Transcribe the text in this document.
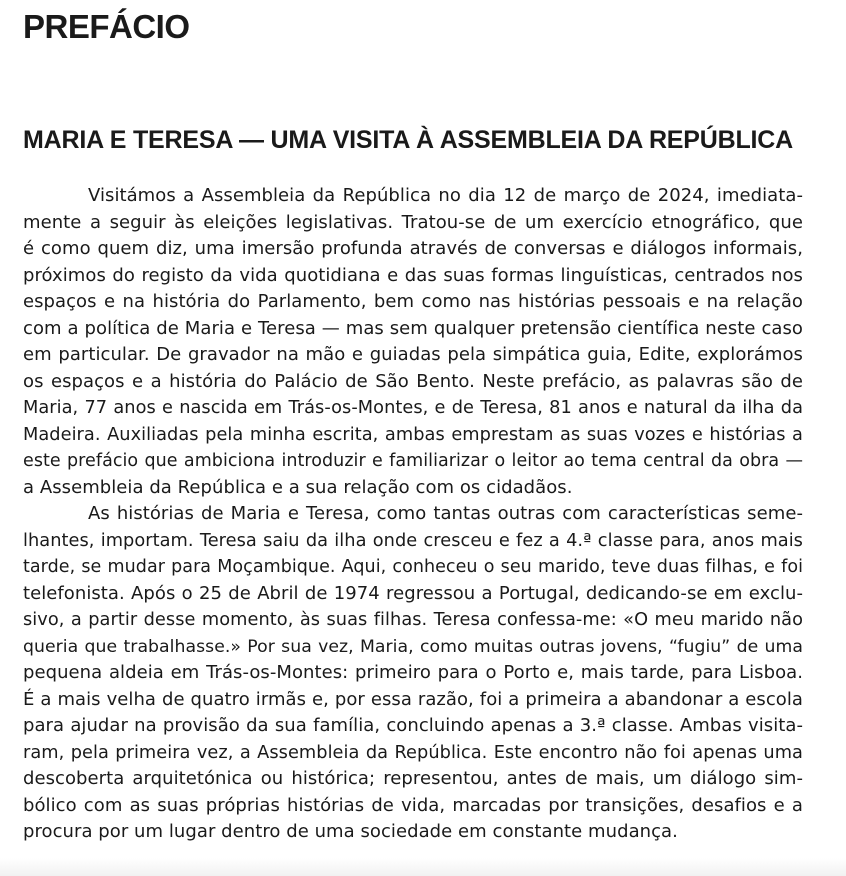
PREFÁCIO
MARIA E TERESA — UMA VISITA À ASSEMBLEIA DA REPÚBLICA

Visitámos a Assembleia da República no dia 12 de março de 2024, imediata-
mente a seguir às eleições legislativas. Tratou-se de um exercício etnográfico, que
é como quem diz, uma imersão profunda através de conversas e diálogos informais,
próximos do registo da vida quotidiana e das suas formas linguísticas, centrados nos
espaços e na história do Parlamento, bem como nas histórias pessoais e na relação
com a política de Maria e Teresa — mas sem qualquer pretensão científica neste caso
em particular. De gravador na mão e guiadas pela simpática guia, Edite, explorámos
os espaços e a história do Palácio de São Bento. Neste prefácio, as palavras são de
Maria, 77 anos e nascida em Trás-os-Montes, e de Teresa, 81 anos e natural da ilha da
Madeira. Auxiliadas pela minha escrita, ambas emprestam as suas vozes e histórias a
este prefácio que ambiciona introduzir e familiarizar o leitor ao tema central da obra —
a Assembleia da República e a sua relação com os cidadãos.

As histórias de Maria e Teresa, como tantas outras com características seme-
lhantes, importam. Teresa saiu da ilha onde cresceu e fez a 4.ª classe para, anos mais
tarde, se mudar para Moçambique. Aqui, conheceu o seu marido, teve duas filhas, e foi
telefonista. Após o 25 de Abril de 1974 regressou a Portugal, dedicando-se em exclu-
sivo, a partir desse momento, às suas filhas. Teresa confessa-me: «O meu marido não
queria que trabalhasse.» Por sua vez, Maria, como muitas outras jovens, “fugiu” de uma
pequena aldeia em Trás-os-Montes: primeiro para o Porto e, mais tarde, para Lisboa.
É a mais velha de quatro irmãs e, por essa razão, foi a primeira a abandonar a escola
para ajudar na provisão da sua família, concluindo apenas a 3.ª classe. Ambas visita-
ram, pela primeira vez, a Assembleia da República. Este encontro não foi apenas uma
descoberta arquitetónica ou histórica; representou, antes de mais, um diálogo sim-
bólico com as suas próprias histórias de vida, marcadas por transições, desafios e a
procura por um lugar dentro de uma sociedade em constante mudança.
